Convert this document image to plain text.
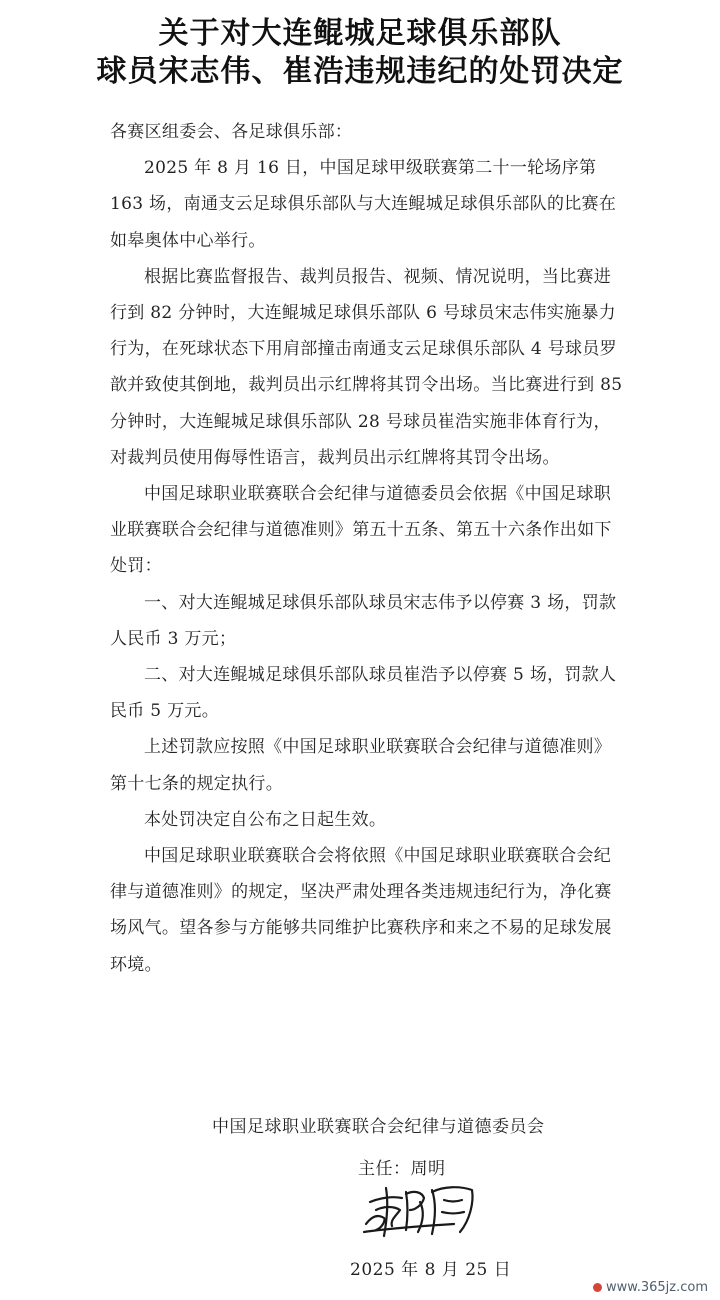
关于对大连鲲城足球俱乐部队
球员宋志伟、崔浩违规违纪的处罚决定

各赛区组委会、各足球俱乐部：

2025 年 8 月 16 日，中国足球甲级联赛第二十一轮场序第 163 场，南通支云足球俱乐部队与大连鲲城足球俱乐部队的比赛在如皋奥体中心举行。

根据比赛监督报告、裁判员报告、视频、情况说明，当比赛进行到 82 分钟时，大连鲲城足球俱乐部队 6 号球员宋志伟实施暴力行为，在死球状态下用肩部撞击南通支云足球俱乐部队 4 号球员罗歆并致使其倒地，裁判员出示红牌将其罚令出场。当比赛进行到 85 分钟时，大连鲲城足球俱乐部队 28 号球员崔浩实施非体育行为，对裁判员使用侮辱性语言，裁判员出示红牌将其罚令出场。

中国足球职业联赛联合会纪律与道德委员会依据《中国足球职业联赛联合会纪律与道德准则》第五十五条、第五十六条作出如下处罚：

一、对大连鲲城足球俱乐部队球员宋志伟予以停赛 3 场，罚款人民币 3 万元；

二、对大连鲲城足球俱乐部队球员崔浩予以停赛 5 场，罚款人民币 5 万元。

上述罚款应按照《中国足球职业联赛联合会纪律与道德准则》第十七条的规定执行。

本处罚决定自公布之日起生效。

中国足球职业联赛联合会将依照《中国足球职业联赛联合会纪律与道德准则》的规定，坚决严肃处理各类违规违纪行为，净化赛场风气。望各参与方能够共同维护比赛秩序和来之不易的足球发展环境。

中国足球职业联赛联合会纪律与道德委员会
主任：周明
2025 年 8 月 25 日
www.365jz.com
